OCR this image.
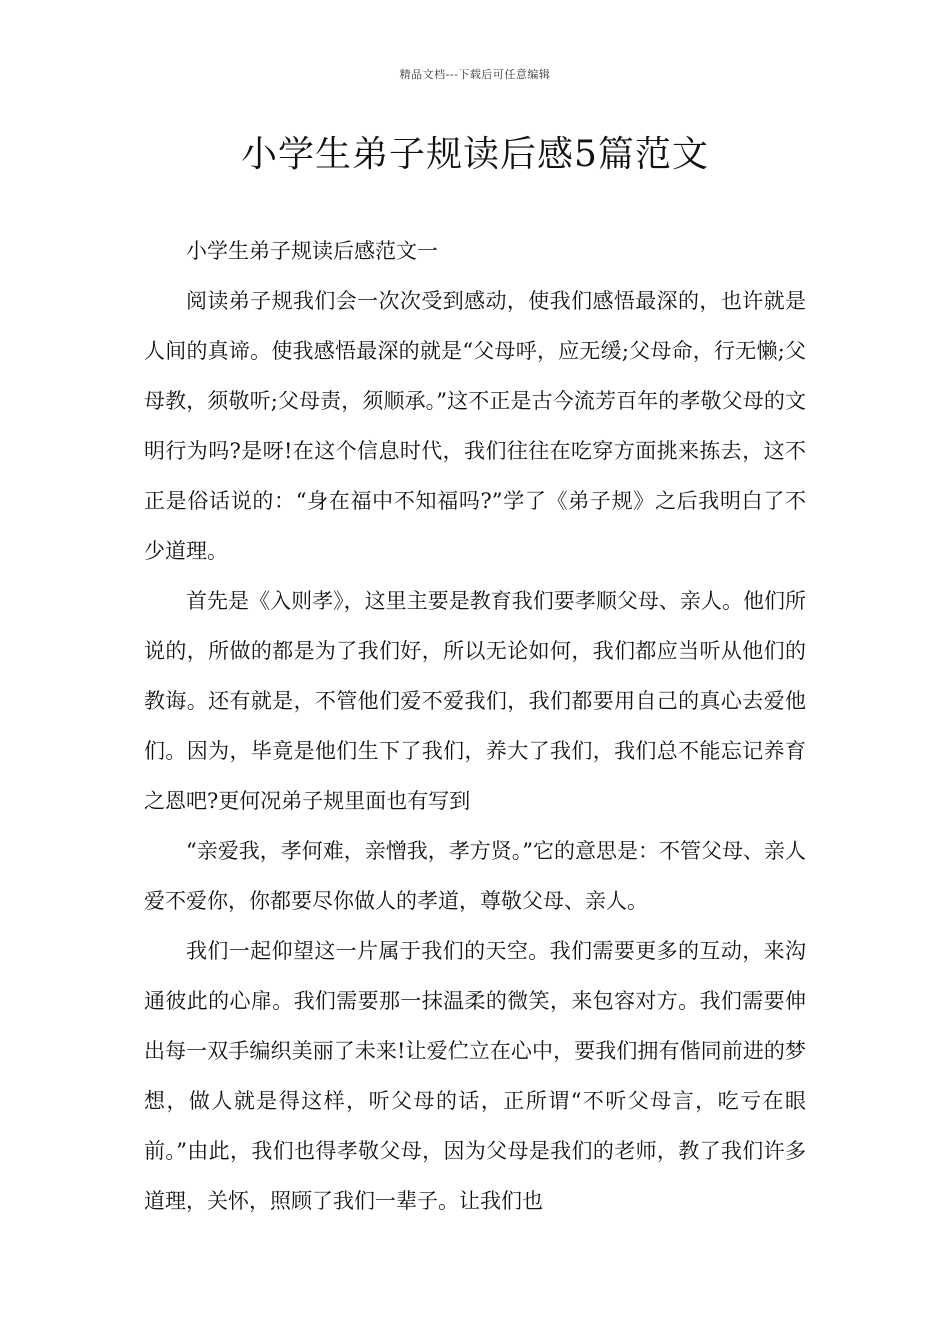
精品文档---下载后可任意编辑
小学生弟子规读后感5篇范文

小学生弟子规读后感范文一

阅读弟子规我们会一次次受到感动，使我们感悟最深的，也许就是人间的真谛。使我感悟最深的就是“父母呼，应无缓;父母命，行无懒;父母教，须敬听;父母责，须顺承。”这不正是古今流芳百年的孝敬父母的文明行为吗?是呀!在这个信息时代，我们往往在吃穿方面挑来拣去，这不正是俗话说的：“身在福中不知福吗?”学了《弟子规》之后我明白了不少道理。

首先是《入则孝》，这里主要是教育我们要孝顺父母、亲人。他们所说的，所做的都是为了我们好，所以无论如何，我们都应当听从他们的教诲。还有就是，不管他们爱不爱我们，我们都要用自己的真心去爱他们。因为，毕竟是他们生下了我们，养大了我们，我们总不能忘记养育之恩吧?更何况弟子规里面也有写到

“亲爱我，孝何难，亲憎我，孝方贤。”它的意思是：不管父母、亲人爱不爱你，你都要尽你做人的孝道，尊敬父母、亲人。

我们一起仰望这一片属于我们的天空。我们需要更多的互动，来沟通彼此的心扉。我们需要那一抹温柔的微笑，来包容对方。我们需要伸出每一双手编织美丽了未来!让爱伫立在心中，要我们拥有偕同前进的梦想，做人就是得这样，听父母的话，正所谓“不听父母言，吃亏在眼前。”由此，我们也得孝敬父母，因为父母是我们的老师，教了我们许多道理，关怀，照顾了我们一辈子。让我们也
